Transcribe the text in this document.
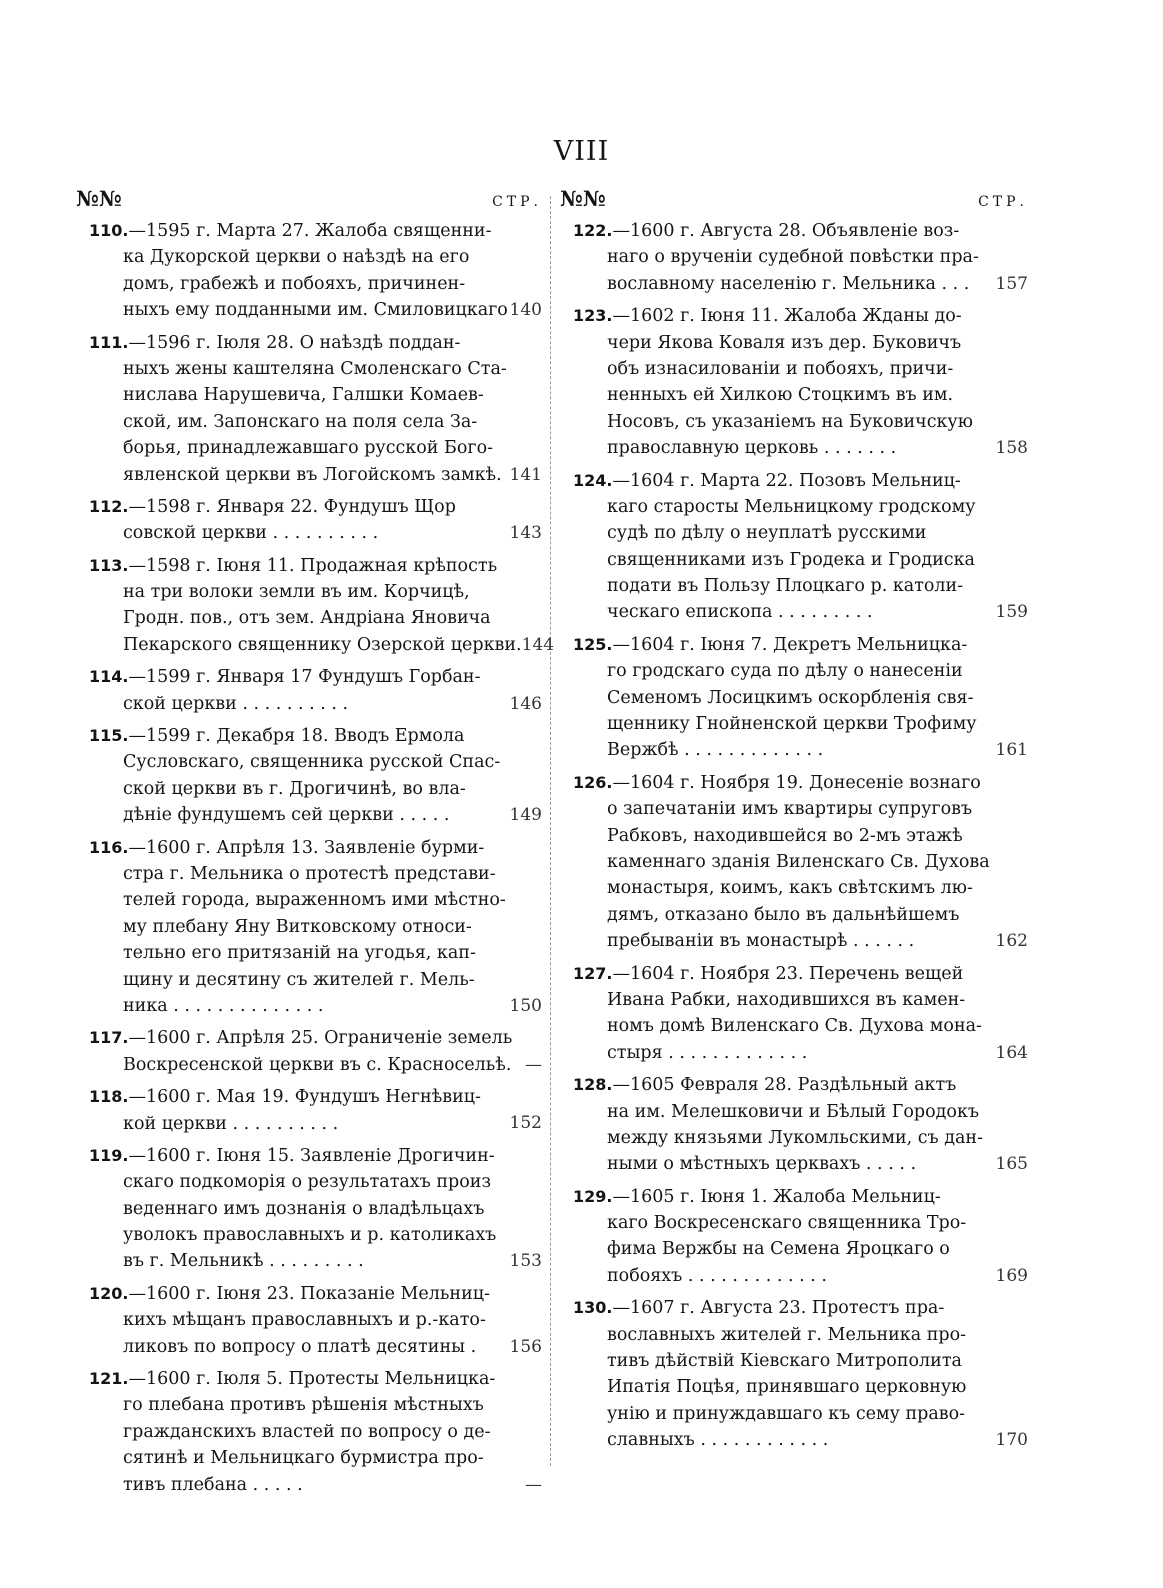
VIII
№№	СТР.
110.—1595 г. Марта 27. Жалоба священни-
ка Дукорской церкви о наѣздѣ на его
домъ, грабежѣ и побояхъ, причинен-
ныхъ ему подданными им. Смиловицкаго 140
111.—1596 г. Іюля 28. О наѣздѣ поддан-
ныхъ жены каштеляна Смоленскаго Ста-
нислава Нарушевича, Галшки Комаев-
ской, им. Запонскаго на поля села За-
борья, принадлежавшаго русской Бого-
явленской церкви въ Логойскомъ замкѣ. 141
112.—1598 г. Января 22. Фундушъ Щор
совской церкви . . . . . . . . . .	143
113.—1598 г. Іюня 11. Продажная крѣпость
на три волоки земли въ им. Корчицѣ,
Гродн. пов., отъ зем. Андріана Яновича
Пекарского священнику Озерской церкви. 144
114.—1599 г. Января 17 Фундушъ Горбан-
ской церкви . . . . . . . . . .	146
115.—1599 г. Декабря 18. Вводъ Ермола
Сусловскаго, священника русской Спас-
ской церкви въ г. Дрогичинѣ, во вла-
дѣніе фундушемъ сей церкви . . . . .	149
116.—1600 г. Апрѣля 13. Заявленіе бурми-
стра г. Мельника о протестѣ представи-
телей города, выраженномъ ими мѣстно-
му плебану Яну Витковскому относи-
тельно его притязаній на угодья, кап-
щину и десятину съ жителей г. Мель-
ника . . . . . . . . . . . . . .	150
117.—1600 г. Апрѣля 25. Ограниченіе земель
Воскресенской церкви въ с. Красносельѣ. —
118.—1600 г. Мая 19. Фундушъ Негнѣвиц-
кой церкви . . . . . . . . . .	152
119.—1600 г. Іюня 15. Заявленіе Дрогичин-
скаго подкоморія о результатахъ произ
веденнаго имъ дознанія о владѣльцахъ
уволокъ православныхъ и р. католикахъ
въ г. Мельникѣ . . . . . . . . .	153
120.—1600 г. Іюня 23. Показаніе Мельниц-
кихъ мѣщанъ православныхъ и р.-като-
ликовъ по вопросу о платѣ десятины .	156
121.—1600 г. Іюля 5. Протесты Мельницка-
го плебана противъ рѣшенія мѣстныхъ
гражданскихъ властей по вопросу о де-
сятинѣ и Мельницкаго бурмистра про-
тивъ плебана . . . . .	—
№№	СТР.
122.—1600 г. Августа 28. Объявленіе воз-
наго о врученіи судебной повѣстки пра-
вославному населенію г. Мельника . . .	157
123.—1602 г. Іюня 11. Жалоба Жданы до-
чери Якова Коваля изъ дер. Буковичъ
объ изнасилованіи и побояхъ, причи-
ненныхъ ей Хилкою Стоцкимъ въ им.
Носовъ, съ указаніемъ на Буковичскую
православную церковь . . . . . . .	158
124.—1604 г. Марта 22. Позовъ Мельниц-
каго старосты Мельницкому гродскому
судѣ по дѣлу о неуплатѣ русскими
священниками изъ Гродека и Гродиска
подати въ Пользу Плоцкаго р. католи-
ческаго епископа . . . . . . . . .	159
125.—1604 г. Іюня 7. Декретъ Мельницка-
го гродскаго суда по дѣлу о нанесеніи
Семеномъ Лосицкимъ оскорбленія свя-
щеннику Гнойненской церкви Трофиму
Вержбѣ . . . . . . . . . . . . .	161
126.—1604 г. Ноября 19. Донесеніе вознаго
о запечатаніи имъ квартиры супруговъ
Рабковъ, находившейся во 2-мъ этажѣ
каменнаго зданія Виленскаго Св. Духова
монастыря, коимъ, какъ свѣтскимъ лю-
дямъ, отказано было въ дальнѣйшемъ
пребываніи въ монастырѣ . . . . . .	162
127.—1604 г. Ноября 23. Перечень вещей
Ивана Рабки, находившихся въ камен-
номъ домѣ Виленскаго Св. Духова мона-
стыря . . . . . . . . . . . . .	164
128.—1605 Февраля 28. Раздѣльный актъ
на им. Мелешковичи и Бѣлый Городокъ
между князьями Лукомльскими, съ дан-
ными о мѣстныхъ церквахъ . . . . .	165
129.—1605 г. Іюня 1. Жалоба Мельниц-
каго Воскресенскаго священника Тро-
фима Вержбы на Семена Яроцкаго о
побояхъ . . . . . . . . . . . . .	169
130.—1607 г. Августа 23. Протестъ пра-
вославныхъ жителей г. Мельника про-
тивъ дѣйствій Кіевскаго Митрополита
Ипатія Поцѣя, принявшаго церковную
унію и принуждавшаго къ сему право-
славныхъ . . . . . . . . . . . .	170
